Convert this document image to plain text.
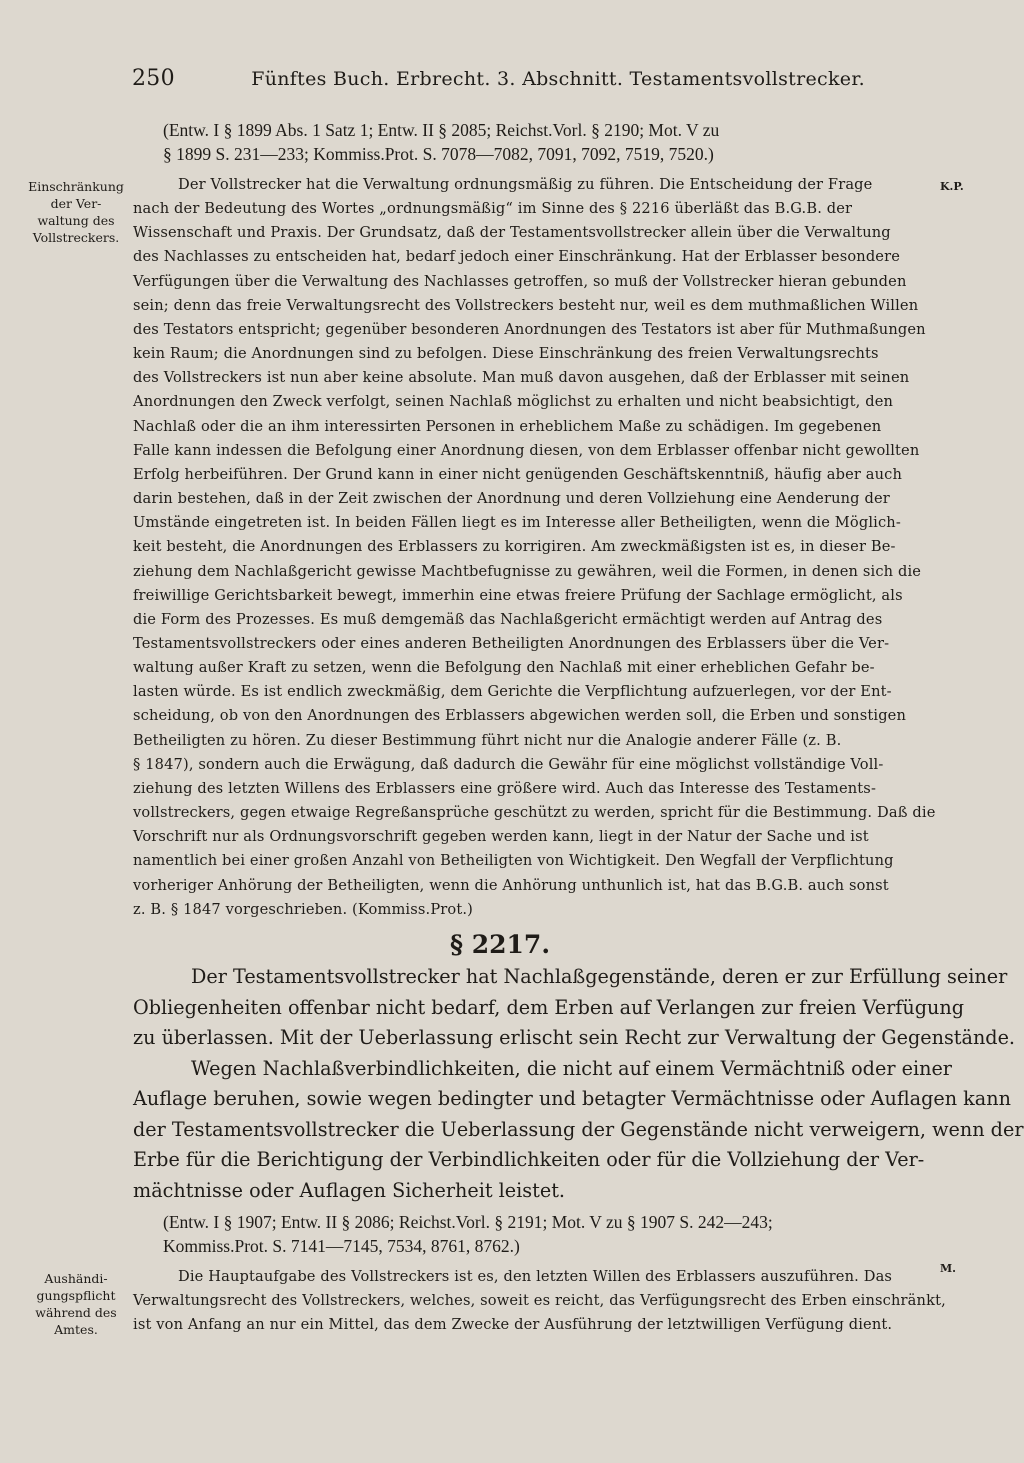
250	Fünftes Buch. Erbrecht. 3. Abschnitt. Testamentsvollstrecker.
(Entw. I § 1899 Abs. 1 Satz 1; Entw. II § 2085; Reichst.Vorl. § 2190; Mot. V zu
§ 1899 S. 231—233; Kommiss.Prot. S. 7078—7082, 7091, 7092, 7519, 7520.)
Einschränkung
der Ver-
waltung des
Vollstreckers.
K.P.
Der Vollstrecker hat die Verwaltung ordnungsmäßig zu führen. Die Entscheidung der Frage
nach der Bedeutung des Wortes „ordnungsmäßig“ im Sinne des § 2216 überläßt das B.G.B. der
Wissenschaft und Praxis. Der Grundsatz, daß der Testamentsvollstrecker allein über die Verwaltung
des Nachlasses zu entscheiden hat, bedarf jedoch einer Einschränkung. Hat der Erblasser besondere
Verfügungen über die Verwaltung des Nachlasses getroffen, so muß der Vollstrecker hieran gebunden
sein; denn das freie Verwaltungsrecht des Vollstreckers besteht nur, weil es dem muthmaßlichen Willen
des Testators entspricht; gegenüber besonderen Anordnungen des Testators ist aber für Muthmaßungen
kein Raum; die Anordnungen sind zu befolgen. Diese Einschränkung des freien Verwaltungsrechts
des Vollstreckers ist nun aber keine absolute. Man muß davon ausgehen, daß der Erblasser mit seinen
Anordnungen den Zweck verfolgt, seinen Nachlaß möglichst zu erhalten und nicht beabsichtigt, den
Nachlaß oder die an ihm interessirten Personen in erheblichem Maße zu schädigen. Im gegebenen
Falle kann indessen die Befolgung einer Anordnung diesen, von dem Erblasser offenbar nicht gewollten
Erfolg herbeiführen. Der Grund kann in einer nicht genügenden Geschäftskenntniß, häufig aber auch
darin bestehen, daß in der Zeit zwischen der Anordnung und deren Vollziehung eine Aenderung der
Umstände eingetreten ist. In beiden Fällen liegt es im Interesse aller Betheiligten, wenn die Möglich-
keit besteht, die Anordnungen des Erblassers zu korrigiren. Am zweckmäßigsten ist es, in dieser Be-
ziehung dem Nachlaßgericht gewisse Machtbefugnisse zu gewähren, weil die Formen, in denen sich die
freiwillige Gerichtsbarkeit bewegt, immerhin eine etwas freiere Prüfung der Sachlage ermöglicht, als
die Form des Prozesses. Es muß demgemäß das Nachlaßgericht ermächtigt werden auf Antrag des
Testamentsvollstreckers oder eines anderen Betheiligten Anordnungen des Erblassers über die Ver-
waltung außer Kraft zu setzen, wenn die Befolgung den Nachlaß mit einer erheblichen Gefahr be-
lasten würde. Es ist endlich zweckmäßig, dem Gerichte die Verpflichtung aufzuerlegen, vor der Ent-
scheidung, ob von den Anordnungen des Erblassers abgewichen werden soll, die Erben und sonstigen
Betheiligten zu hören. Zu dieser Bestimmung führt nicht nur die Analogie anderer Fälle (z. B.
§ 1847), sondern auch die Erwägung, daß dadurch die Gewähr für eine möglichst vollständige Voll-
ziehung des letzten Willens des Erblassers eine größere wird. Auch das Interesse des Testaments-
vollstreckers, gegen etwaige Regreßansprüche geschützt zu werden, spricht für die Bestimmung. Daß die
Vorschrift nur als Ordnungsvorschrift gegeben werden kann, liegt in der Natur der Sache und ist
namentlich bei einer großen Anzahl von Betheiligten von Wichtigkeit. Den Wegfall der Verpflichtung
vorheriger Anhörung der Betheiligten, wenn die Anhörung unthunlich ist, hat das B.G.B. auch sonst
z. B. § 1847 vorgeschrieben. (Kommiss.Prot.)
§ 2217.
Der Testamentsvollstrecker hat Nachlaßgegenstände, deren er zur Erfüllung seiner
Obliegenheiten offenbar nicht bedarf, dem Erben auf Verlangen zur freien Verfügung
zu überlassen. Mit der Ueberlassung erlischt sein Recht zur Verwaltung der Gegenstände.
Wegen Nachlaßverbindlichkeiten, die nicht auf einem Vermächtniß oder einer
Auflage beruhen, sowie wegen bedingter und betagter Vermächtnisse oder Auflagen kann
der Testamentsvollstrecker die Ueberlassung der Gegenstände nicht verweigern, wenn der
Erbe für die Berichtigung der Verbindlichkeiten oder für die Vollziehung der Ver-
mächtnisse oder Auflagen Sicherheit leistet.
(Entw. I § 1907; Entw. II § 2086; Reichst.Vorl. § 2191; Mot. V zu § 1907 S. 242—243;
Kommiss.Prot. S. 7141—7145, 7534, 8761, 8762.)
Aushändi-
gungspflicht
während des
Amtes.
M.
Die Hauptaufgabe des Vollstreckers ist es, den letzten Willen des Erblassers auszuführen. Das
Verwaltungsrecht des Vollstreckers, welches, soweit es reicht, das Verfügungsrecht des Erben einschränkt,
ist von Anfang an nur ein Mittel, das dem Zwecke der Ausführung der letztwilligen Verfügung dient.
